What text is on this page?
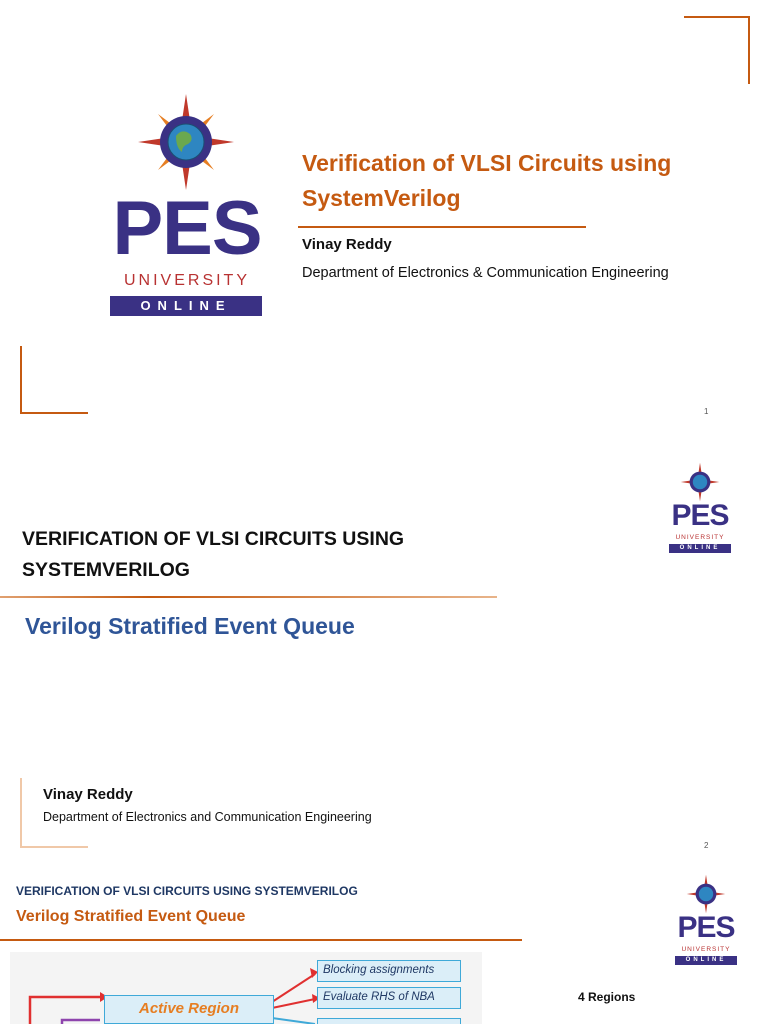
PES
UNIVERSITY
ONLINE
Verification of VLSI Circuits using SystemVerilog
Vinay Reddy
Department of Electronics & Communication Engineering
1
PES
UNIVERSITY
ONLINE
VERIFICATION OF VLSI CIRCUITS USING SYSTEMVERILOG
Verilog Stratified Event Queue
Vinay Reddy
Department of Electronics and Communication Engineering
2
PES
UNIVERSITY
ONLINE
VERIFICATION OF VLSI CIRCUITS USING SYSTEMVERILOG
Verilog Stratified Event Queue
Active Region
Blocking assignments
Evaluate RHS of NBA	4 Regions
